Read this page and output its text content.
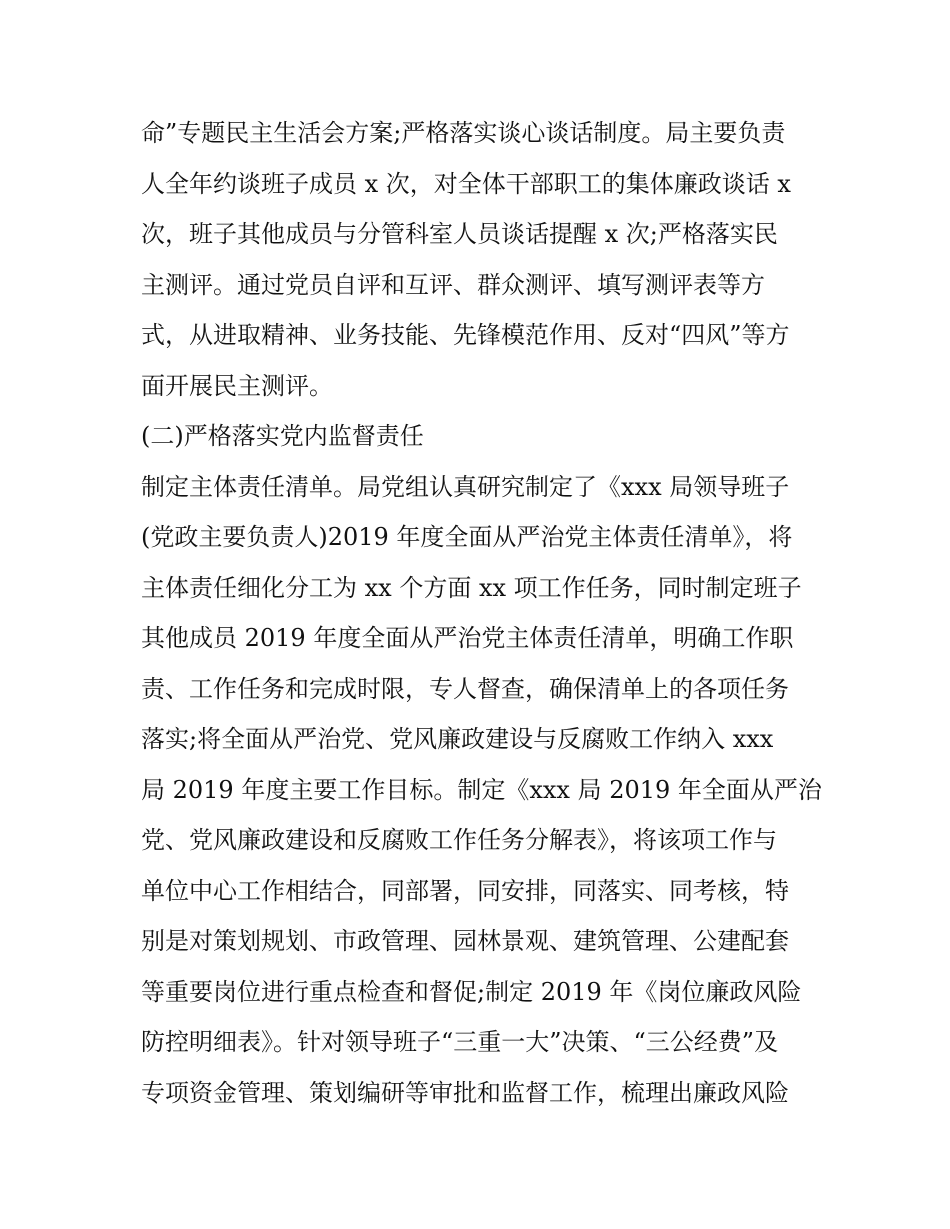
命”专题民主生活会方案;严格落实谈心谈话制度。局主要负责
人全年约谈班子成员 x 次，对全体干部职工的集体廉政谈话 x
次，班子其他成员与分管科室人员谈话提醒 x 次;严格落实民
主测评。通过党员自评和互评、群众测评、填写测评表等方
式，从进取精神、业务技能、先锋模范作用、反对“四风”等方
面开展民主测评。
(二)严格落实党内监督责任
制定主体责任清单。局党组认真研究制定了《xxx 局领导班子
(党政主要负责人)2019 年度全面从严治党主体责任清单》，将
主体责任细化分工为 xx 个方面 xx 项工作任务，同时制定班子
其他成员 2019 年度全面从严治党主体责任清单，明确工作职
责、工作任务和完成时限，专人督查，确保清单上的各项任务
落实;将全面从严治党、党风廉政建设与反腐败工作纳入 xxx
局 2019 年度主要工作目标。制定《xxx 局 2019 年全面从严治
党、党风廉政建设和反腐败工作任务分解表》，将该项工作与
单位中心工作相结合，同部署，同安排，同落实、同考核，特
别是对策划规划、市政管理、园林景观、建筑管理、公建配套
等重要岗位进行重点检查和督促;制定 2019 年《岗位廉政风险
防控明细表》。针对领导班子“三重一大”决策、“三公经费”及
专项资金管理、策划编研等审批和监督工作，梳理出廉政风险
